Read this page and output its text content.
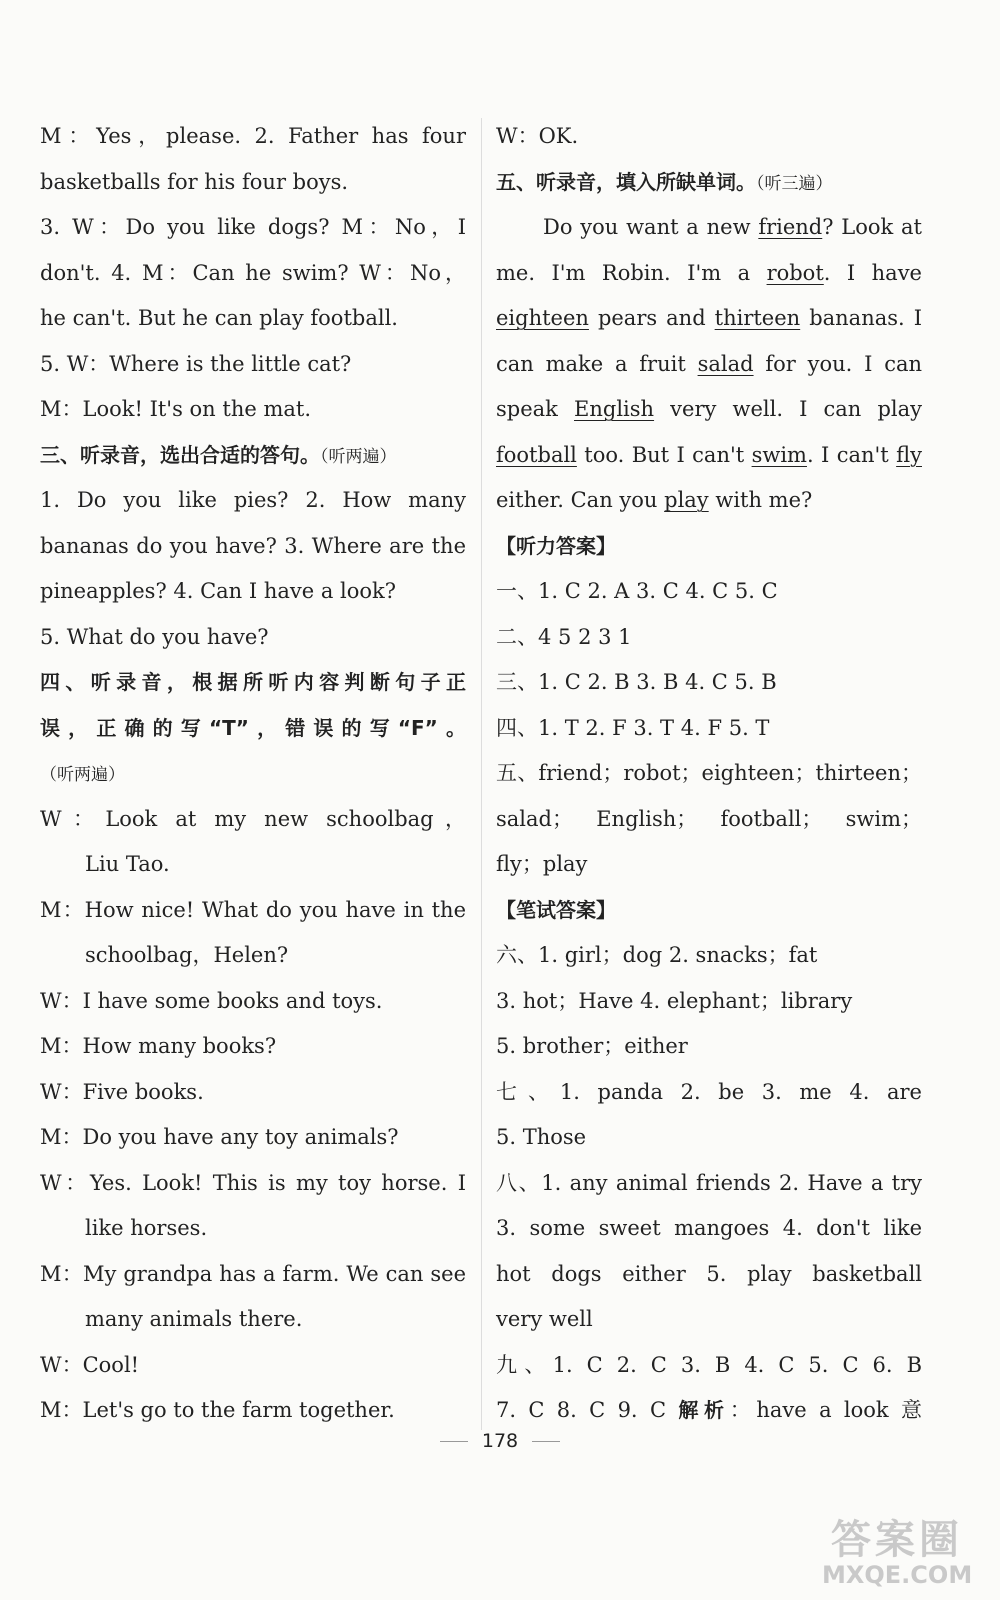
M：Yes，please. 2. Father has four
basketballs for his four boys.
3. W：Do you like dogs? M：No，I
don't. 4. M：Can he swim? W：No，
he can't. But he can play football.
5. W：Where is the little cat?
M：Look! It's on the mat.
三、听录音，选出合适的答句。（听两遍）
1. Do you like pies? 2. How many
bananas do you have? 3. Where are the
pineapples? 4. Can I have a look?
5. What do you have?
四、听录音，根据所听内容判断句子正
误，正确的写“T”，错误的写“F”。
（听两遍）
W：Look at my new schoolbag，
Liu Tao.
M：How nice! What do you have in the
schoolbag，Helen?
W：I have some books and toys.
M：How many books?
W：Five books.
M：Do you have any toy animals?
W：Yes. Look! This is my toy horse. I
like horses.
M：My grandpa has a farm. We can see
many animals there.
W：Cool!
M：Let's go to the farm together.
W：OK.
五、听录音，填入所缺单词。（听三遍）
Do you want a new friend? Look at
me. I'm Robin. I'm a robot. I have
eighteen pears and thirteen bananas. I
can make a fruit salad for you. I can
speak English very well. I can play
football too. But I can't swim. I can't fly
either. Can you play with me?
【听力答案】
一、1. C 2. A 3. C 4. C 5. C
二、4 5 2 3 1
三、1. C 2. B 3. B 4. C 5. B
四、1. T 2. F 3. T 4. F 5. T
五、friend；robot；eighteen；thirteen；
salad； English； football； swim；
fly；play
【笔试答案】
六、1. girl；dog 2. snacks；fat
3. hot；Have 4. elephant；library
5. brother；either
七、1. panda 2. be 3. me 4. are
5. Those
八、1. any animal friends 2. Have a try
3. some sweet mangoes 4. don't like
hot dogs either 5. play basketball
very well
九、1. C 2. C 3. B 4. C 5. C 6. B
7. C 8. C 9. C 解析：have a look 意
178
答案圈
MXQE.COM
